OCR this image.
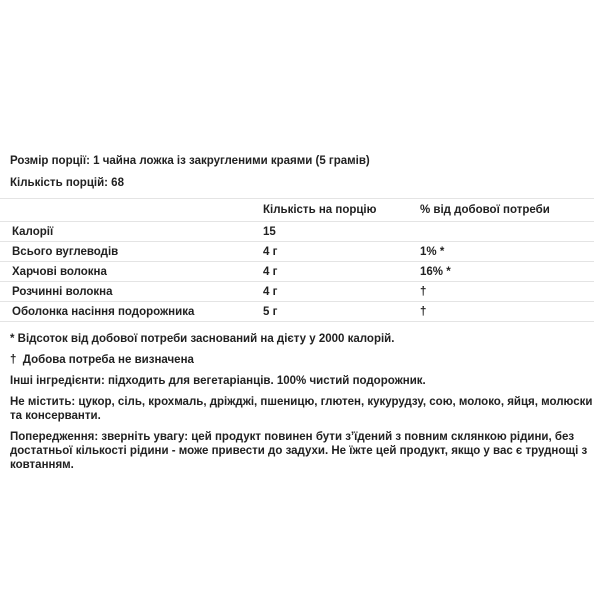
Розмір порції: 1 чайна ложка із закругленими краями (5 грамів)

Кількість порцій: 68

	Кількість на порцію	% від добової потреби
Калорії	15	
Всього вуглеводів	4 г	1% *
Харчові волокна	4 г	16% *
Розчинні волокна	4 г	†
Оболонка насіння подорожника	5 г	†

* Відсоток від добової потреби заснований на дієту у 2000 калорій.

†  Добова потреба не визначена

Інші інгредієнти: підходить для вегетаріанців. 100% чистий подорожник.

Не містить: цукор, сіль, крохмаль, дріжджі, пшеницю, глютен, кукурудзу, сою, молоко, яйця, молюски та консерванти.

Попередження: зверніть увагу: цей продукт повинен бути з’їдений з повним склянкою рідини, без достатньої кількості рідини - може привести до задухи. Не їжте цей продукт, якщо у вас є труднощі з ковтанням.
